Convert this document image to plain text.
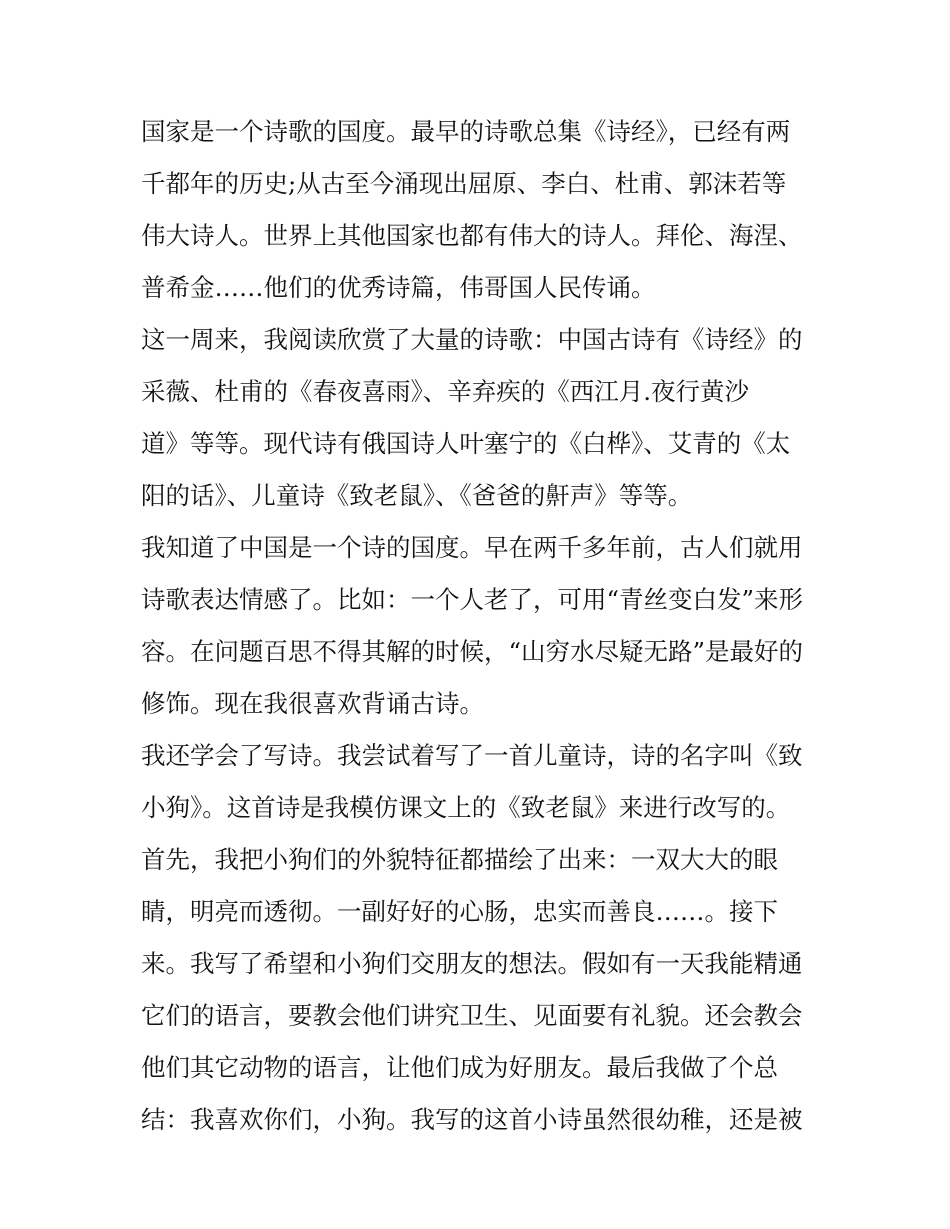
国家是一个诗歌的国度。最早的诗歌总集《诗经》，已经有两
千都年的历史;从古至今涌现出屈原、李白、杜甫、郭沫若等
伟大诗人。世界上其他国家也都有伟大的诗人。拜伦、海涅、
普希金……他们的优秀诗篇，伟哥国人民传诵。
这一周来，我阅读欣赏了大量的诗歌：中国古诗有《诗经》的
采薇、杜甫的《春夜喜雨》、辛弃疾的《西江月.夜行黄沙
道》等等。现代诗有俄国诗人叶塞宁的《白桦》、艾青的《太
阳的话》、儿童诗《致老鼠》、《爸爸的鼾声》等等。
我知道了中国是一个诗的国度。早在两千多年前，古人们就用
诗歌表达情感了。比如：一个人老了，可用“青丝变白发”来形
容。在问题百思不得其解的时候，“山穷水尽疑无路”是最好的
修饰。现在我很喜欢背诵古诗。
我还学会了写诗。我尝试着写了一首儿童诗，诗的名字叫《致
小狗》。这首诗是我模仿课文上的《致老鼠》来进行改写的。
首先，我把小狗们的外貌特征都描绘了出来：一双大大的眼
睛，明亮而透彻。一副好好的心肠，忠实而善良……。接下
来。我写了希望和小狗们交朋友的想法。假如有一天我能精通
它们的语言，要教会他们讲究卫生、见面要有礼貌。还会教会
他们其它动物的语言，让他们成为好朋友。最后我做了个总
结：我喜欢你们，小狗。我写的这首小诗虽然很幼稚，还是被
